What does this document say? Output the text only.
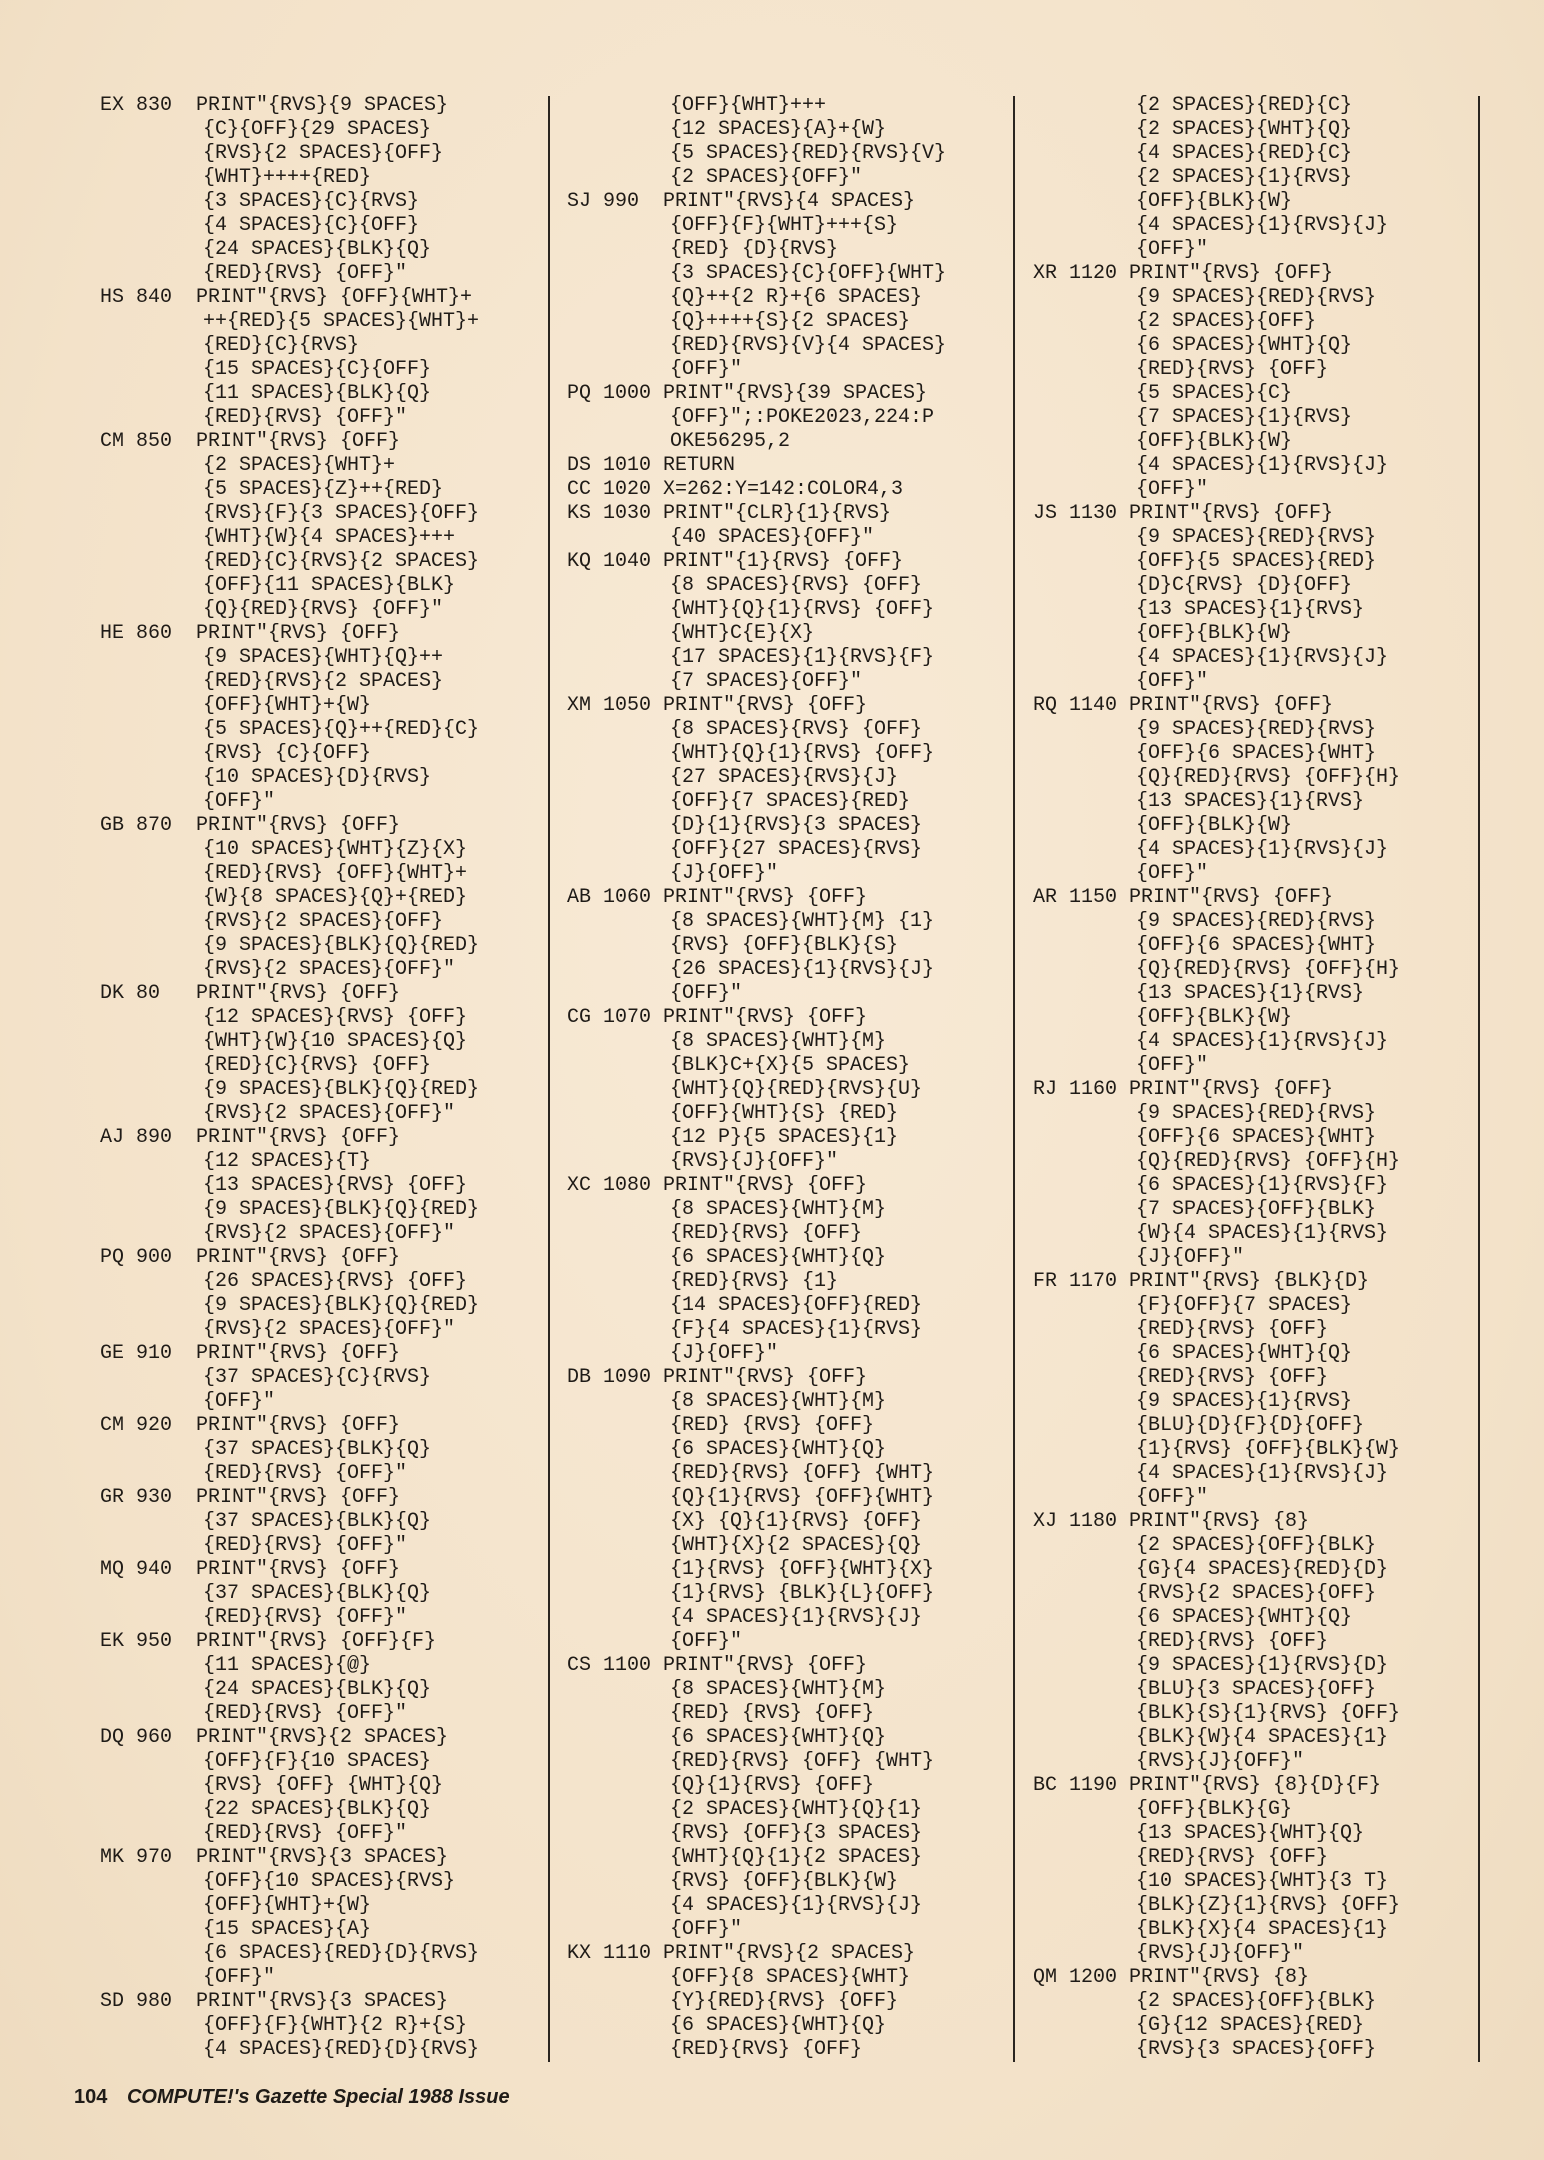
EX 830  PRINT"{RVS}{9 SPACES}
{C}{OFF}{29 SPACES}
{RVS}{2 SPACES}{OFF}
{WHT}++++{RED}
{3 SPACES}{C}{RVS}
{4 SPACES}{C}{OFF}
{24 SPACES}{BLK}{Q}
{RED}{RVS} {OFF}"
HS 840  PRINT"{RVS} {OFF}{WHT}+
++{RED}{5 SPACES}{WHT}+
{RED}{C}{RVS}
{15 SPACES}{C}{OFF}
{11 SPACES}{BLK}{Q}
{RED}{RVS} {OFF}"
CM 850  PRINT"{RVS} {OFF}
{2 SPACES}{WHT}+
{5 SPACES}{Z}++{RED}
{RVS}{F}{3 SPACES}{OFF}
{WHT}{W}{4 SPACES}+++
{RED}{C}{RVS}{2 SPACES}
{OFF}{11 SPACES}{BLK}
{Q}{RED}{RVS} {OFF}"
HE 860  PRINT"{RVS} {OFF}
{9 SPACES}{WHT}{Q}++
{RED}{RVS}{2 SPACES}
{OFF}{WHT}+{W}
{5 SPACES}{Q}++{RED}{C}
{RVS} {C}{OFF}
{10 SPACES}{D}{RVS}
{OFF}"
GB 870  PRINT"{RVS} {OFF}
{10 SPACES}{WHT}{Z}{X}
{RED}{RVS} {OFF}{WHT}+
{W}{8 SPACES}{Q}+{RED}
{RVS}{2 SPACES}{OFF}
{9 SPACES}{BLK}{Q}{RED}
{RVS}{2 SPACES}{OFF}"
DK 80   PRINT"{RVS} {OFF}
{12 SPACES}{RVS} {OFF}
{WHT}{W}{10 SPACES}{Q}
{RED}{C}{RVS} {OFF}
{9 SPACES}{BLK}{Q}{RED}
{RVS}{2 SPACES}{OFF}"
AJ 890  PRINT"{RVS} {OFF}
{12 SPACES}{T}
{13 SPACES}{RVS} {OFF}
{9 SPACES}{BLK}{Q}{RED}
{RVS}{2 SPACES}{OFF}"
PQ 900  PRINT"{RVS} {OFF}
{26 SPACES}{RVS} {OFF}
{9 SPACES}{BLK}{Q}{RED}
{RVS}{2 SPACES}{OFF}"
GE 910  PRINT"{RVS} {OFF}
{37 SPACES}{C}{RVS}
{OFF}"
CM 920  PRINT"{RVS} {OFF}
{37 SPACES}{BLK}{Q}
{RED}{RVS} {OFF}"
GR 930  PRINT"{RVS} {OFF}
{37 SPACES}{BLK}{Q}
{RED}{RVS} {OFF}"
MQ 940  PRINT"{RVS} {OFF}
{37 SPACES}{BLK}{Q}
{RED}{RVS} {OFF}"
EK 950  PRINT"{RVS} {OFF}{F}
{11 SPACES}{@}
{24 SPACES}{BLK}{Q}
{RED}{RVS} {OFF}"
DQ 960  PRINT"{RVS}{2 SPACES}
{OFF}{F}{10 SPACES}
{RVS} {OFF} {WHT}{Q}
{22 SPACES}{BLK}{Q}
{RED}{RVS} {OFF}"
MK 970  PRINT"{RVS}{3 SPACES}
{OFF}{10 SPACES}{RVS}
{OFF}{WHT}+{W}
{15 SPACES}{A}
{6 SPACES}{RED}{D}{RVS}
{OFF}"
SD 980  PRINT"{RVS}{3 SPACES}
{OFF}{F}{WHT}{2 R}+{S}
{4 SPACES}{RED}{D}{RVS}
{OFF}{WHT}+++
{12 SPACES}{A}+{W}
{5 SPACES}{RED}{RVS}{V}
{2 SPACES}{OFF}"
SJ 990  PRINT"{RVS}{4 SPACES}
{OFF}{F}{WHT}+++{S}
{RED} {D}{RVS}
{3 SPACES}{C}{OFF}{WHT}
{Q}++{2 R}+{6 SPACES}
{Q}++++{S}{2 SPACES}
{RED}{RVS}{V}{4 SPACES}
{OFF}"
PQ 1000 PRINT"{RVS}{39 SPACES}
{OFF}";:POKE2023,224:P
OKE56295,2
DS 1010 RETURN
CC 1020 X=262:Y=142:COLOR4,3
KS 1030 PRINT"{CLR}{1}{RVS}
{40 SPACES}{OFF}"
KQ 1040 PRINT"{1}{RVS} {OFF}
{8 SPACES}{RVS} {OFF}
{WHT}{Q}{1}{RVS} {OFF}
{WHT}C{E}{X}
{17 SPACES}{1}{RVS}{F}
{7 SPACES}{OFF}"
XM 1050 PRINT"{RVS} {OFF}
{8 SPACES}{RVS} {OFF}
{WHT}{Q}{1}{RVS} {OFF}
{27 SPACES}{RVS}{J}
{OFF}{7 SPACES}{RED}
{D}{1}{RVS}{3 SPACES}
{OFF}{27 SPACES}{RVS}
{J}{OFF}"
AB 1060 PRINT"{RVS} {OFF}
{8 SPACES}{WHT}{M} {1}
{RVS} {OFF}{BLK}{S}
{26 SPACES}{1}{RVS}{J}
{OFF}"
CG 1070 PRINT"{RVS} {OFF}
{8 SPACES}{WHT}{M}
{BLK}C+{X}{5 SPACES}
{WHT}{Q}{RED}{RVS}{U}
{OFF}{WHT}{S} {RED}
{12 P}{5 SPACES}{1}
{RVS}{J}{OFF}"
XC 1080 PRINT"{RVS} {OFF}
{8 SPACES}{WHT}{M}
{RED}{RVS} {OFF}
{6 SPACES}{WHT}{Q}
{RED}{RVS} {1}
{14 SPACES}{OFF}{RED}
{F}{4 SPACES}{1}{RVS}
{J}{OFF}"
DB 1090 PRINT"{RVS} {OFF}
{8 SPACES}{WHT}{M}
{RED} {RVS} {OFF}
{6 SPACES}{WHT}{Q}
{RED}{RVS} {OFF} {WHT}
{Q}{1}{RVS} {OFF}{WHT}
{X} {Q}{1}{RVS} {OFF}
{WHT}{X}{2 SPACES}{Q}
{1}{RVS} {OFF}{WHT}{X}
{1}{RVS} {BLK}{L}{OFF}
{4 SPACES}{1}{RVS}{J}
{OFF}"
CS 1100 PRINT"{RVS} {OFF}
{8 SPACES}{WHT}{M}
{RED} {RVS} {OFF}
{6 SPACES}{WHT}{Q}
{RED}{RVS} {OFF} {WHT}
{Q}{1}{RVS} {OFF}
{2 SPACES}{WHT}{Q}{1}
{RVS} {OFF}{3 SPACES}
{WHT}{Q}{1}{2 SPACES}
{RVS} {OFF}{BLK}{W}
{4 SPACES}{1}{RVS}{J}
{OFF}"
KX 1110 PRINT"{RVS}{2 SPACES}
{OFF}{8 SPACES}{WHT}
{Y}{RED}{RVS} {OFF}
{6 SPACES}{WHT}{Q}
{RED}{RVS} {OFF}
{2 SPACES}{RED}{C}
{2 SPACES}{WHT}{Q}
{4 SPACES}{RED}{C}
{2 SPACES}{1}{RVS}
{OFF}{BLK}{W}
{4 SPACES}{1}{RVS}{J}
{OFF}"
XR 1120 PRINT"{RVS} {OFF}
{9 SPACES}{RED}{RVS}
{2 SPACES}{OFF}
{6 SPACES}{WHT}{Q}
{RED}{RVS} {OFF}
{5 SPACES}{C}
{7 SPACES}{1}{RVS}
{OFF}{BLK}{W}
{4 SPACES}{1}{RVS}{J}
{OFF}"
JS 1130 PRINT"{RVS} {OFF}
{9 SPACES}{RED}{RVS}
{OFF}{5 SPACES}{RED}
{D}C{RVS} {D}{OFF}
{13 SPACES}{1}{RVS}
{OFF}{BLK}{W}
{4 SPACES}{1}{RVS}{J}
{OFF}"
RQ 1140 PRINT"{RVS} {OFF}
{9 SPACES}{RED}{RVS}
{OFF}{6 SPACES}{WHT}
{Q}{RED}{RVS} {OFF}{H}
{13 SPACES}{1}{RVS}
{OFF}{BLK}{W}
{4 SPACES}{1}{RVS}{J}
{OFF}"
AR 1150 PRINT"{RVS} {OFF}
{9 SPACES}{RED}{RVS}
{OFF}{6 SPACES}{WHT}
{Q}{RED}{RVS} {OFF}{H}
{13 SPACES}{1}{RVS}
{OFF}{BLK}{W}
{4 SPACES}{1}{RVS}{J}
{OFF}"
RJ 1160 PRINT"{RVS} {OFF}
{9 SPACES}{RED}{RVS}
{OFF}{6 SPACES}{WHT}
{Q}{RED}{RVS} {OFF}{H}
{6 SPACES}{1}{RVS}{F}
{7 SPACES}{OFF}{BLK}
{W}{4 SPACES}{1}{RVS}
{J}{OFF}"
FR 1170 PRINT"{RVS} {BLK}{D}
{F}{OFF}{7 SPACES}
{RED}{RVS} {OFF}
{6 SPACES}{WHT}{Q}
{RED}{RVS} {OFF}
{9 SPACES}{1}{RVS}
{BLU}{D}{F}{D}{OFF}
{1}{RVS} {OFF}{BLK}{W}
{4 SPACES}{1}{RVS}{J}
{OFF}"
XJ 1180 PRINT"{RVS} {8}
{2 SPACES}{OFF}{BLK}
{G}{4 SPACES}{RED}{D}
{RVS}{2 SPACES}{OFF}
{6 SPACES}{WHT}{Q}
{RED}{RVS} {OFF}
{9 SPACES}{1}{RVS}{D}
{BLU}{3 SPACES}{OFF}
{BLK}{S}{1}{RVS} {OFF}
{BLK}{W}{4 SPACES}{1}
{RVS}{J}{OFF}"
BC 1190 PRINT"{RVS} {8}{D}{F}
{OFF}{BLK}{G}
{13 SPACES}{WHT}{Q}
{RED}{RVS} {OFF}
{10 SPACES}{WHT}{3 T}
{BLK}{Z}{1}{RVS} {OFF}
{BLK}{X}{4 SPACES}{1}
{RVS}{J}{OFF}"
QM 1200 PRINT"{RVS} {8}
{2 SPACES}{OFF}{BLK}
{G}{12 SPACES}{RED}
{RVS}{3 SPACES}{OFF}
104 COMPUTE!'s Gazette Special 1988 Issue
